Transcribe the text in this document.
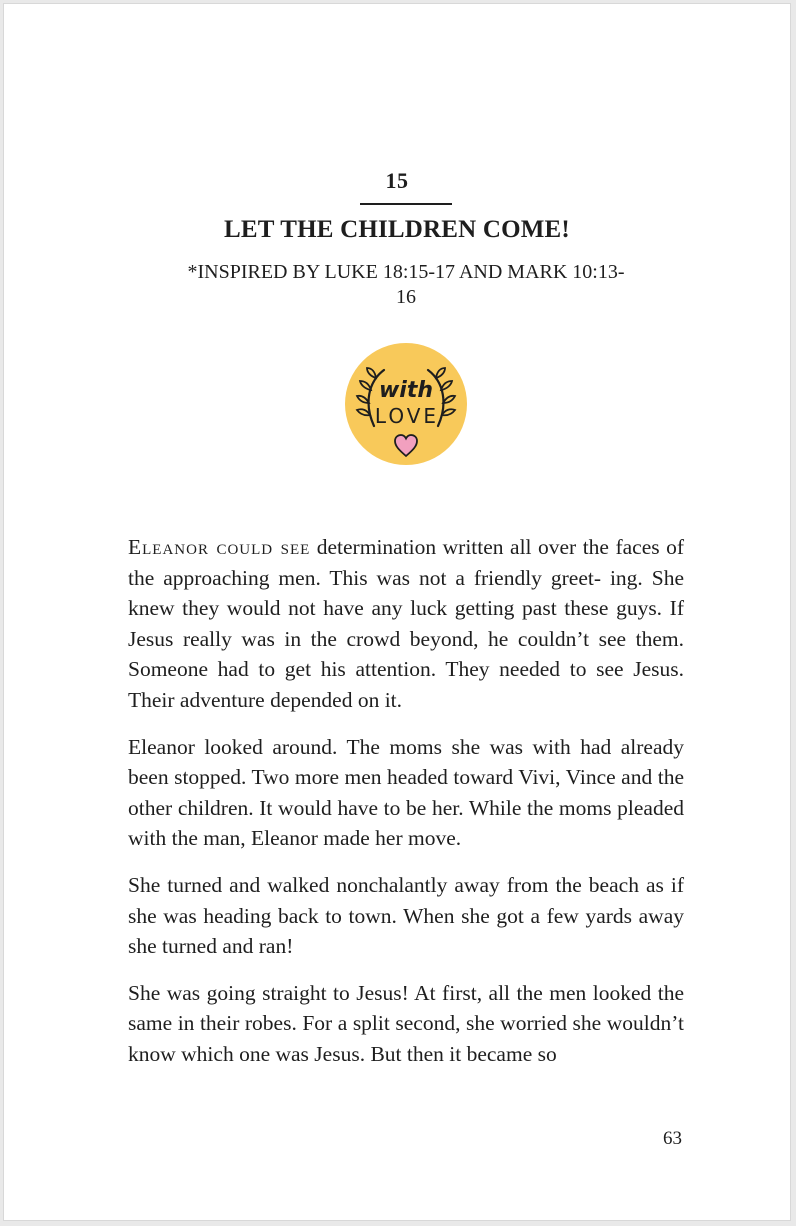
15
LET THE CHILDREN COME!
*INSPIRED BY LUKE 18:15-17 AND MARK 10:13-
16
with
LOVE

Eleanor could see determination written all over the faces of the approaching men. This was not a friendly greet- ing. She knew they would not have any luck getting past these guys. If Jesus really was in the crowd beyond, he couldn’t see them. Someone had to get his attention. They needed to see Jesus. Their adventure depended on it.

Eleanor looked around. The moms she was with had already been stopped. Two more men headed toward Vivi, Vince and the other children. It would have to be her. While the moms pleaded with the man, Eleanor made her move.

She turned and walked nonchalantly away from the beach as if she was heading back to town. When she got a few yards away she turned and ran!

She was going straight to Jesus! At first, all the men looked the same in their robes. For a split second, she worried she wouldn’t know which one was Jesus. But then it became so

63
